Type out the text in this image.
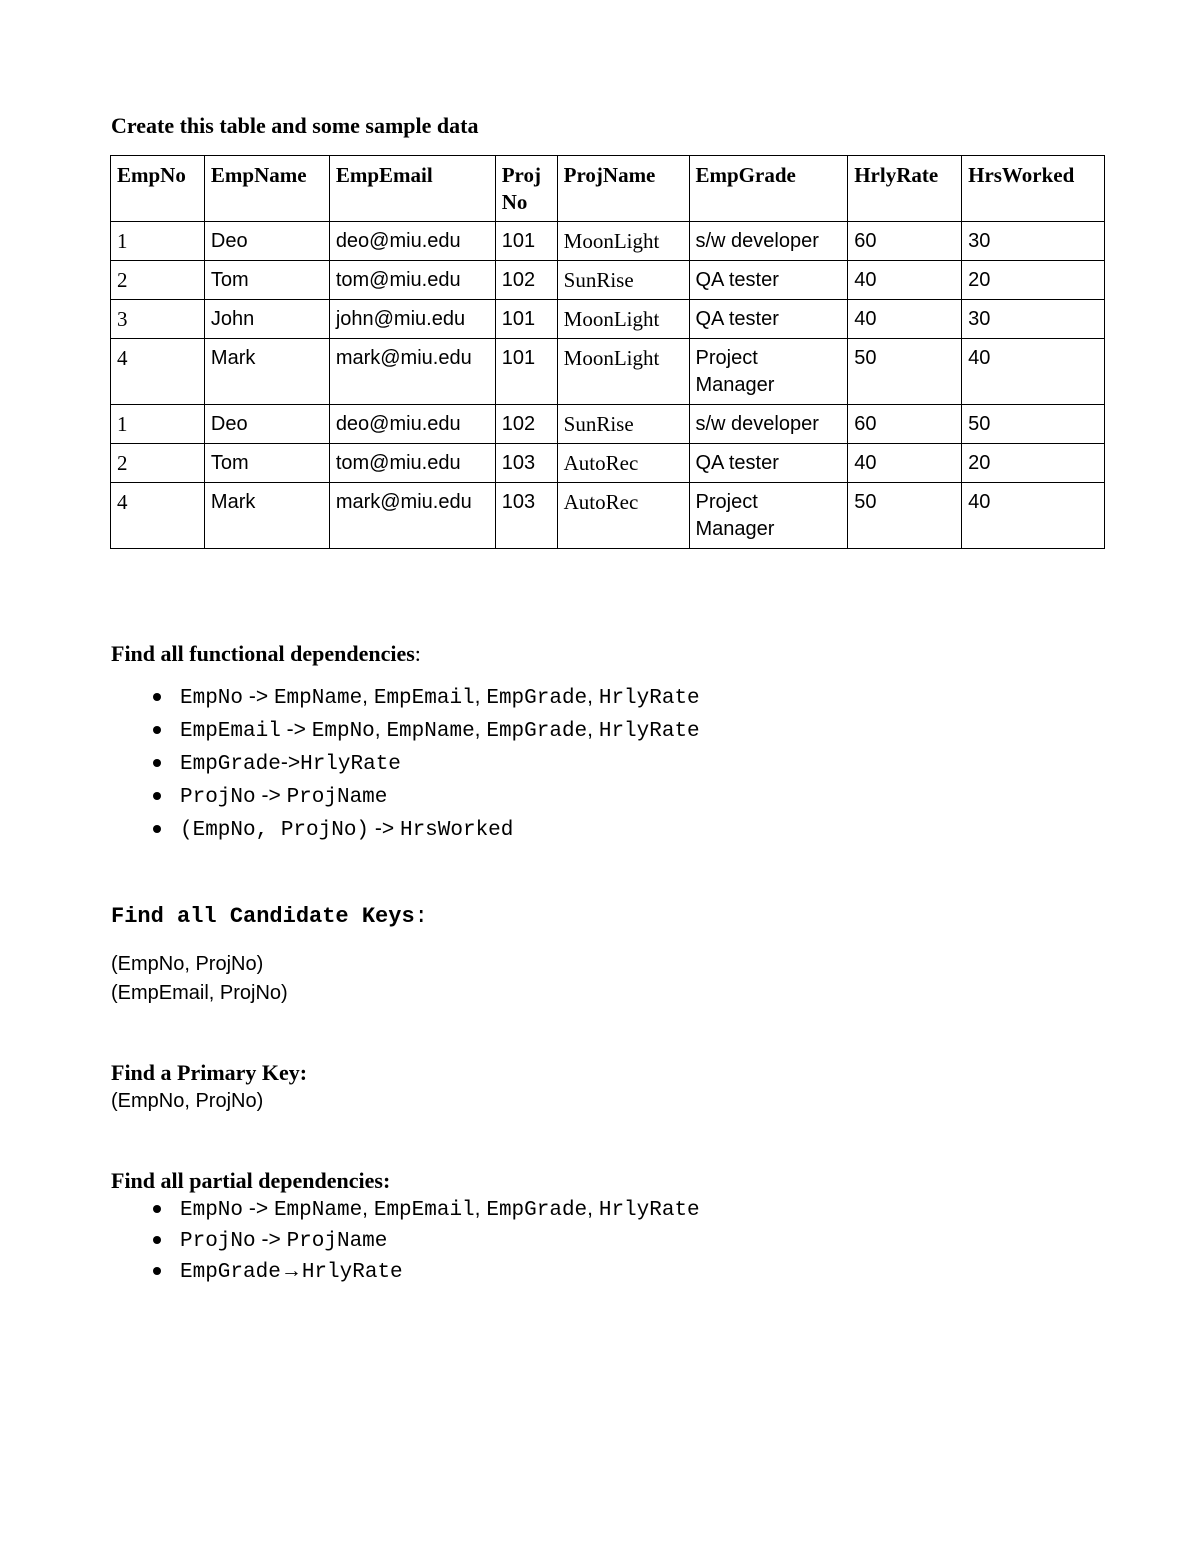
Create this table and some sample data
EmpNo	EmpName	EmpEmail	Proj No	ProjName	EmpGrade	HrlyRate	HrsWorked
1	Deo	deo@miu.edu	101	MoonLight	s/w developer	60	30
2	Tom	tom@miu.edu	102	SunRise	QA tester	40	20
3	John	john@miu.edu	101	MoonLight	QA tester	40	30
4	Mark	mark@miu.edu	101	MoonLight	Project Manager	50	40
1	Deo	deo@miu.edu	102	SunRise	s/w developer	60	50
2	Tom	tom@miu.edu	103	AutoRec	QA tester	40	20
4	Mark	mark@miu.edu	103	AutoRec	Project Manager	50	40
Find all functional dependencies:
EmpNo -> EmpName, EmpEmail, EmpGrade, HrlyRate
EmpEmail -> EmpNo, EmpName, EmpGrade, HrlyRate
EmpGrade->HrlyRate
ProjNo -> ProjName
(EmpNo, ProjNo) -> HrsWorked
Find all Candidate Keys:
(EmpNo, ProjNo)
(EmpEmail, ProjNo)
Find a Primary Key:
(EmpNo, ProjNo)
Find all partial dependencies:
EmpNo -> EmpName, EmpEmail, EmpGrade, HrlyRate
ProjNo -> ProjName
EmpGrade→HrlyRate
